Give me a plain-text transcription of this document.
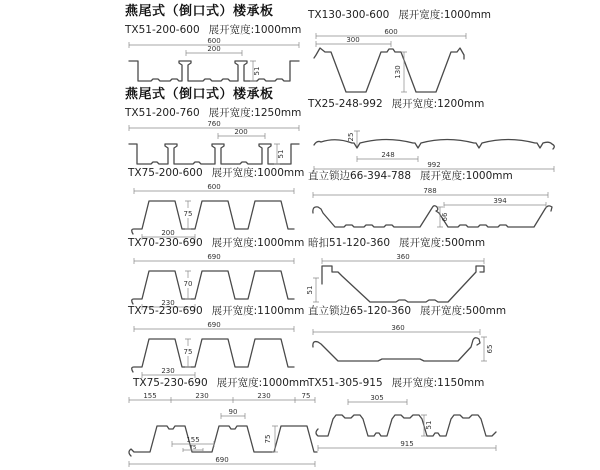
燕尾式（倒口式）楼承板
TX51-200-600 展开宽度:1000mm
600
200
51
TX130-300-600 展开宽度:1000mm
600
300
130
燕尾式（倒口式）楼承板
TX51-200-760 展开宽度:1250mm
760
200
51
TX25-248-992 展开宽度:1200mm
25
248
992
TX75-200-600 展开宽度:1000mm
600
75
200
直立锁边66-394-788 展开宽度:1000mm
788
394
66
TX70-230-690 展开宽度:1000mm
690
70
230
暗扣51-120-360 展开宽度:500mm
360
51
TX75-230-690 展开宽度:1100mm
690
75
230
直立锁边65-120-360 展开宽度:500mm
360
65
TX75-230-690 展开宽度:1000mm
155	230	230	75
90
75
155
75
690
TX51-305-915 展开宽度:1150mm
305
51
915
